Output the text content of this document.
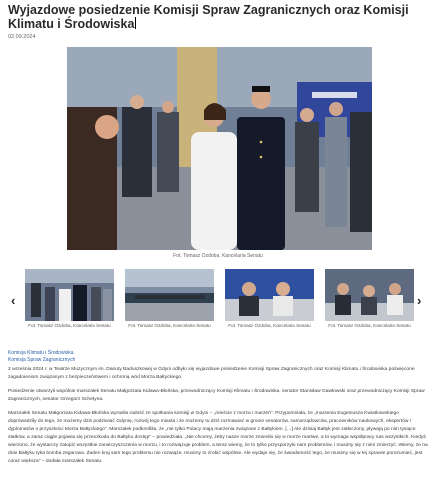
Wyjazdowe posiedzenie Komisji Spraw Zagranicznych oraz Komisji Klimatu i Środowiska
02.09.2024
Fot. Tomasz Ozdoba, Kancelaria Senatu
‹	›
Fot. Tomasz Ozdoba, Kancelaria Senatu	Fot. Tomasz Ozdoba, Kancelaria Senatu	Fot. Tomasz Ozdoba, Kancelaria Senatu	Fot. Tomasz Ozdoba, Kancelaria Senatu
Komisja Klimatu i Środowiska
Komisja Spraw Zagranicznych

2 września 2024 r. w Teatrze Muzycznym im. Danuty Baduszkowej w Gdyni odbyło się wyjazdowe posiedzenie Komisji Spraw Zagranicznych oraz Komisji Klimatu i Środowiska poświęcone zagadnieniom związanym z bezpieczeństwem i ochroną wód Morza Bałtyckiego.

Posiedzenie otworzyli wspólnie marszałek Senatu Małgorzata Kidawa-Błońska, przewodniczący Komisji Klimatu i Środowiska, senator Stanisław Gawłowski oraz przewodniczący Komisji Spraw Zagranicznych, senator Grzegorz Schetyna.

Marszałek Senatu Małgorzata Kidawa-Błońska wyraziła radość ze spotkania komisji w Gdyni – „mieście z morza i marzeń". Przypomniała, że „marzenia Eugeniusza Kwiatkowskiego doprowadziły do tego, że możemy dziś podziwiać Gdynię, rozwój tego miasta i że możemy tu dziś rozmawiać w gronie senatorów, samorządowców, pracowników naukowych, ekspertów i dyplomatów o przyszłości Morza Bałtyckiego". Marszałek podkreśliła, że „nie tylko Polacy mają marzenia związane z Bałtykiem. […] Ale dzisiaj Bałtyk jest zatłoczony, pływają po nim tysiące statków, a zaraz ciągle pojawia się przeszkoda do Bałtyku dostęp" – powiedziała. „Nie chcemy, żeby nasze morze zmieniło się w morze martwe, a to wymaga współpracy nas wszystkich. Kiedyś wierzono, że wystarczy zatopić wszystkie zanieczyszczenia w morzu, i to rozwiązuje problem, a teraz wiemy, że to tylko przysporzyło nam problemów, i musimy się z nimi zmierzyć. Wiemy, że na dnie Bałtyku tyka bomba zegarowa. Żaden kraj sam tego problemu nie rozwiąże, musimy to zrobić wspólnie. Ale wydaje się, że świadomość tego, że musimy się w tej sprawie porozumieć, jest coraz większa" – dodała marszałek Senatu.
